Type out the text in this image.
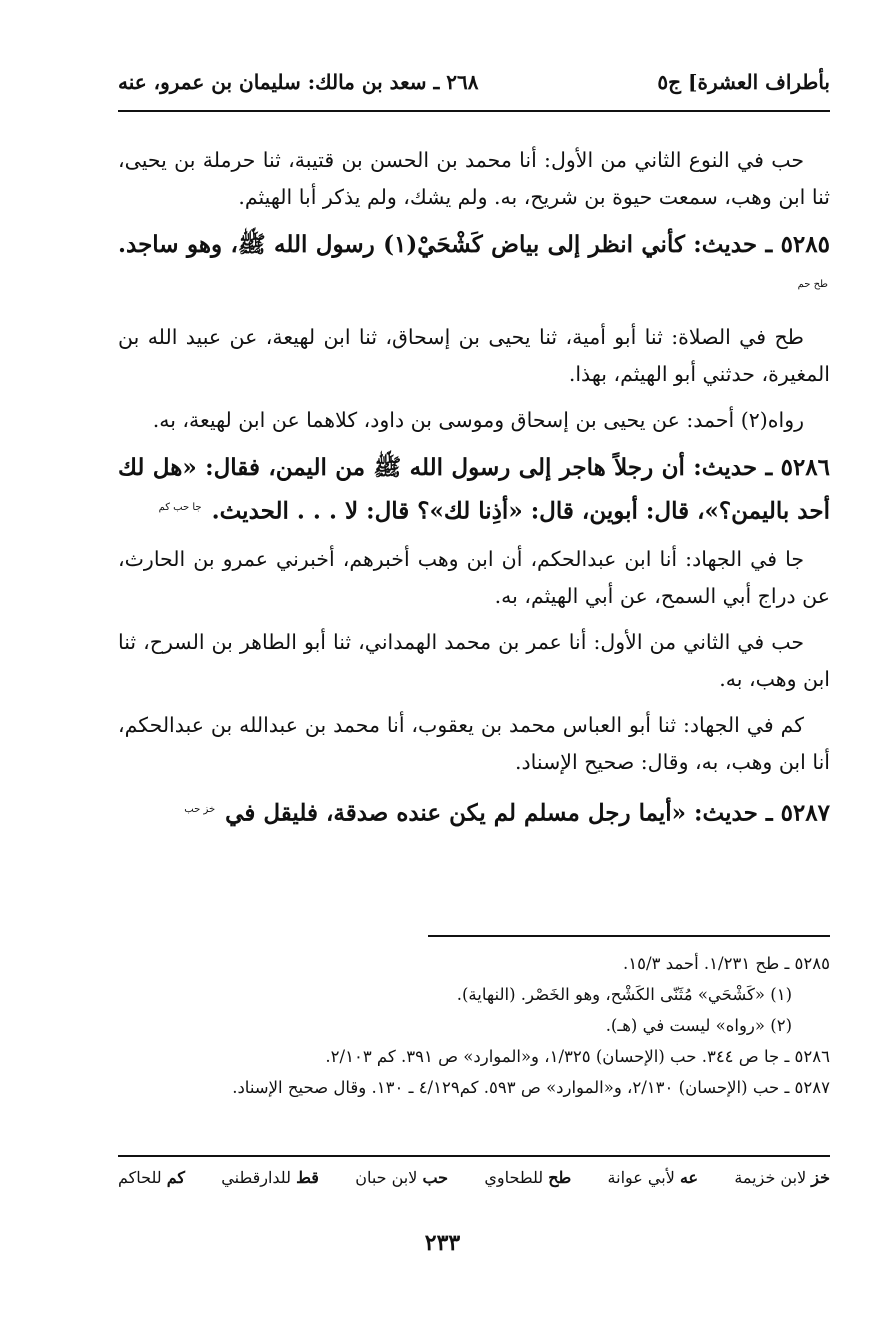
بأطراف العشرة] ج٥
٢٦٨ ـ سعد بن مالك: سليمان بن عمرو، عنه

حب في النوع الثاني من الأول: أنا محمد بن الحسن بن قتيبة، ثنا حرملة بن يحيى، ثنا ابن وهب، سمعت حيوة بن شريح، به. ولم يشك، ولم يذكر أبا الهيثم.

٥٢٨٥ ـ حديث: كأني انظر إلى بياض كَشْحَيْ(١) رسول الله ﷺ، وهو ساجد. $^{طح حم}$

طح في الصلاة: ثنا أبو أمية، ثنا يحيى بن إسحاق، ثنا ابن لهيعة، عن عبيد الله بن المغيرة، حدثني أبو الهيثم، بهذا.

رواه(٢) أحمد: عن يحيى بن إسحاق وموسى بن داود، كلاهما عن ابن لهيعة، به.

٥٢٨٦ ـ حديث: أن رجلاً هاجر إلى رسول الله ﷺ من اليمن، فقال: «هل لك أحد باليمن؟»، قال: أبوين، قال: «أذِنا لك»؟ قال: لا . . . الحديث. $^{جا حب كم}$

جا في الجهاد: أنا ابن عبدالحكم، أن ابن وهب أخبرهم، أخبرني عمرو بن الحارث، عن دراج أبي السمح، عن أبي الهيثم، به.

حب في الثاني من الأول: أنا عمر بن محمد الهمداني، ثنا أبو الطاهر بن السرح، ثنا ابن وهب، به.

كم في الجهاد: ثنا أبو العباس محمد بن يعقوب، أنا محمد بن عبدالله بن عبدالحكم، أنا ابن وهب، به، وقال: صحيح الإسناد.

٥٢٨٧ ـ حديث: «أيما رجل مسلم لم يكن عنده صدقة، فليقل في $^{خز حب}$

٥٢٨٥ ـ طح ١/٢٣١. أحمد ١٥/٣.
(١) «كَشْحَي» مُثَنّى الكَشْح، وهو الخَصْر. (النهاية).
(٢) «رواه» ليست في (هـ).
٥٢٨٦ ـ جا ص ٣٤٤. حب (الإحسان) ١/٣٢٥، و«الموارد» ص ٣٩١. كم ٢/١٠٣.
٥٢٨٧ ـ حب (الإحسان) ٢/١٣٠، و«الموارد» ص ٥٩٣. كم٤/١٢٩ ـ ١٣٠. وقال صحيح الإسناد.
خز لابن خزيمة
عه لأبي عوانة
طح للطحاوي
حب لابن حبان
قط للدارقطني
كم للحاكم
٢٣٣
